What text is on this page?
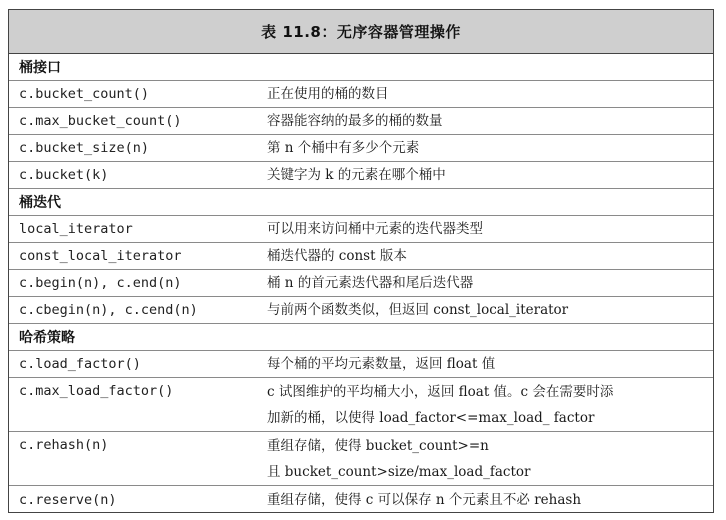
表 11.8：无序容器管理操作
桶接口
c.bucket_count()	正在使用的桶的数目
c.max_bucket_count()	容器能容纳的最多的桶的数量
c.bucket_size(n)	第 n 个桶中有多少个元素
c.bucket(k)	关键字为 k 的元素在哪个桶中
桶迭代
local_iterator	可以用来访问桶中元素的迭代器类型
const_local_iterator	桶迭代器的 const 版本
c.begin(n), c.end(n)	桶 n 的首元素迭代器和尾后迭代器
c.cbegin(n), c.cend(n)	与前两个函数类似，但返回 const_local_iterator
哈希策略
c.load_factor()	每个桶的平均元素数量，返回 float 值
c.max_load_factor()	c 试图维护的平均桶大小，返回 float 值。c 会在需要时添
加新的桶，以使得 load_factor<=max_load_ factor
c.rehash(n)	重组存储，使得 bucket_count>=n
且 bucket_count>size/max_load_factor
c.reserve(n)	重组存储，使得 c 可以保存 n 个元素且不必 rehash
